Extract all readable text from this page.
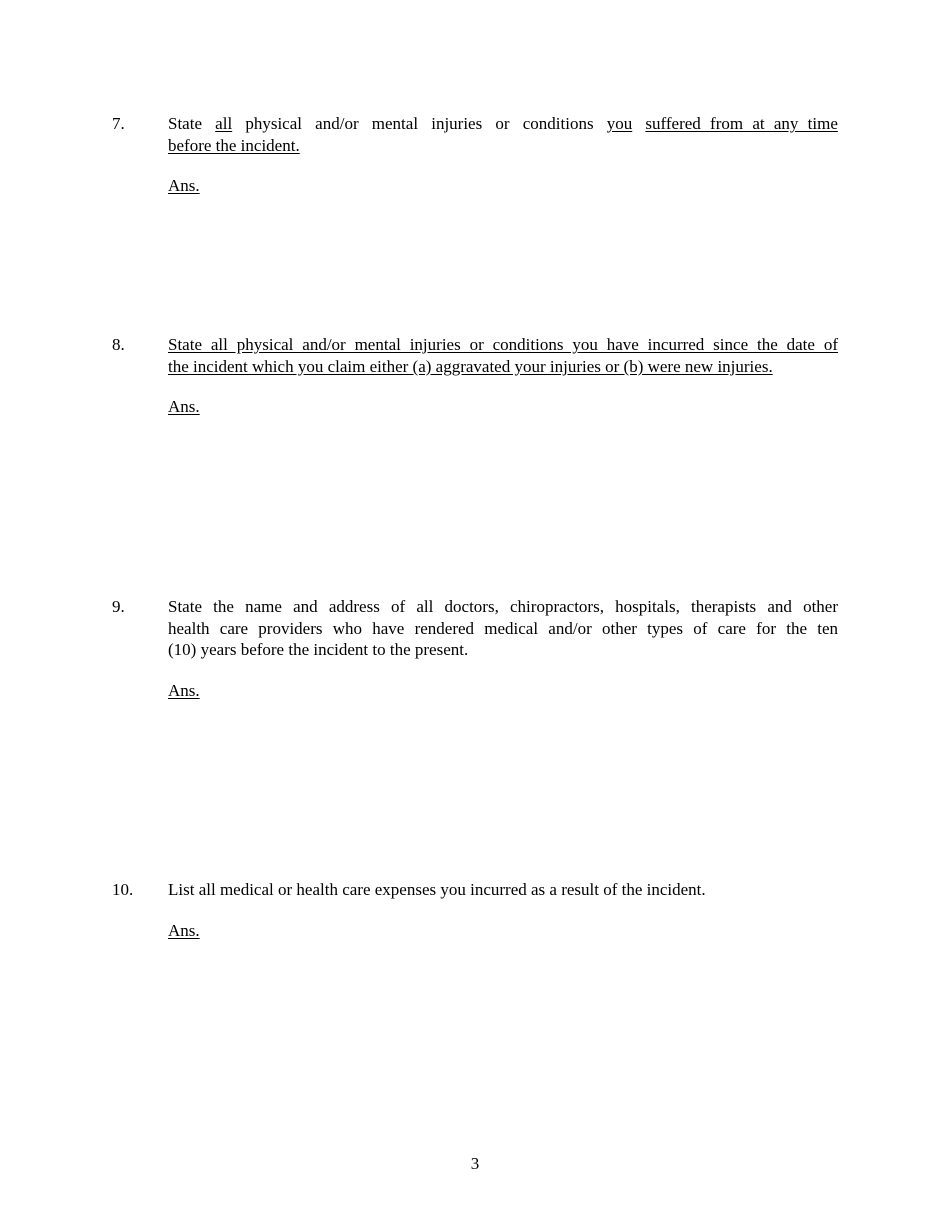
7.	State all physical and/or mental injuries or conditions you suffered from at any time
before the incident.
Ans.
8.	State all physical and/or mental injuries or conditions you have incurred since the date of
the incident which you claim either (a) aggravated your injuries or (b) were new injuries.
Ans.
9.	State the name and address of all doctors, chiropractors, hospitals, therapists and other
health care providers who have rendered medical and/or other types of care for the ten
(10) years before the incident to the present.
Ans.
10.	List all medical or health care expenses you incurred as a result of the incident.
Ans.
3
